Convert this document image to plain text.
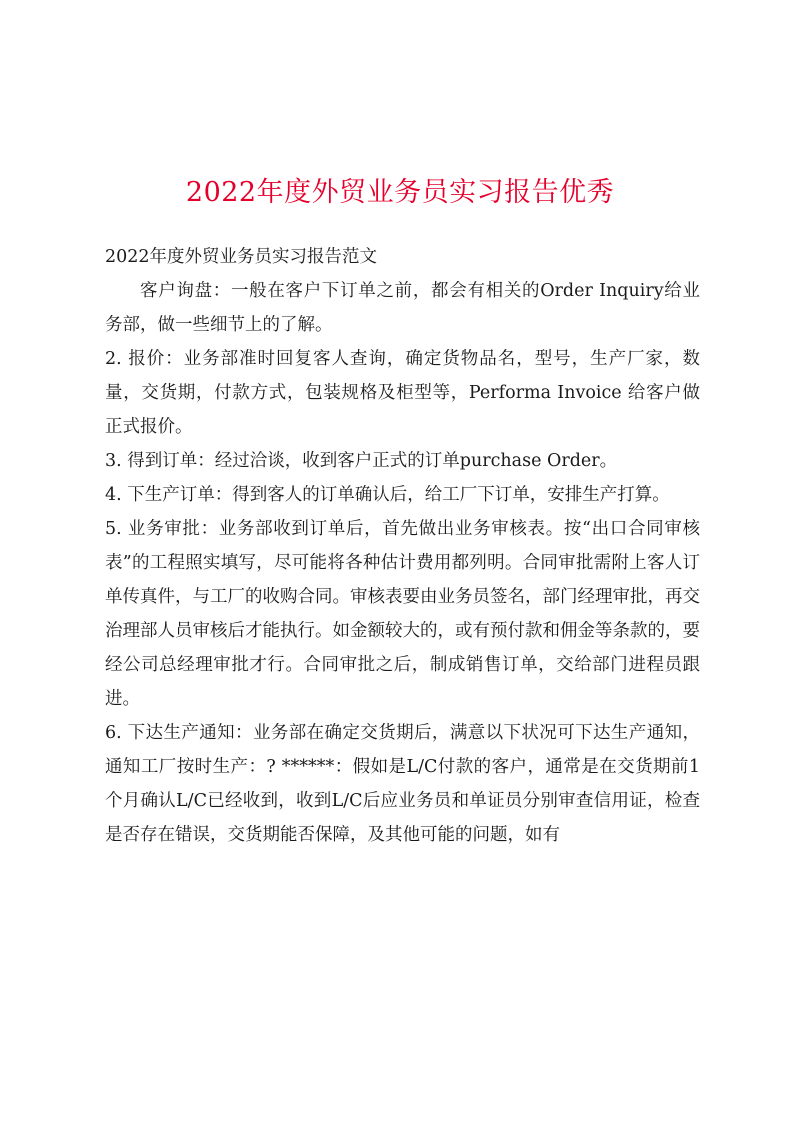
2022年度外贸业务员实习报告优秀

2022年度外贸业务员实习报告范文

客户询盘：一般在客户下订单之前，都会有相关的Order Inquiry给业务部，做一些细节上的了解。

2. 报价：业务部准时回复客人查询，确定货物品名，型号，生产厂家，数量，交货期，付款方式，包装规格及柜型等，Performa Invoice 给客户做正式报价。

3. 得到订单：经过洽谈，收到客户正式的订单purchase Order。

4. 下生产订单：得到客人的订单确认后，给工厂下订单，安排生产打算。

5. 业务审批：业务部收到订单后，首先做出业务审核表。按“出口合同审核表”的工程照实填写，尽可能将各种估计费用都列明。合同审批需附上客人订单传真件，与工厂的收购合同。审核表要由业务员签名，部门经理审批，再交治理部人员审核后才能执行。如金额较大的，或有预付款和佣金等条款的，要经公司总经理审批才行。合同审批之后，制成销售订单，交给部门进程员跟进。

6. 下达生产通知：业务部在确定交货期后，满意以下状况可下达生产通知，通知工厂按时生产：? ******：假如是L/C付款的客户，通常是在交货期前1个月确认L/C已经收到，收到L/C后应业务员和单证员分别审查信用证，检查是否存在错误，交货期能否保障，及其他可能的问题，如有
